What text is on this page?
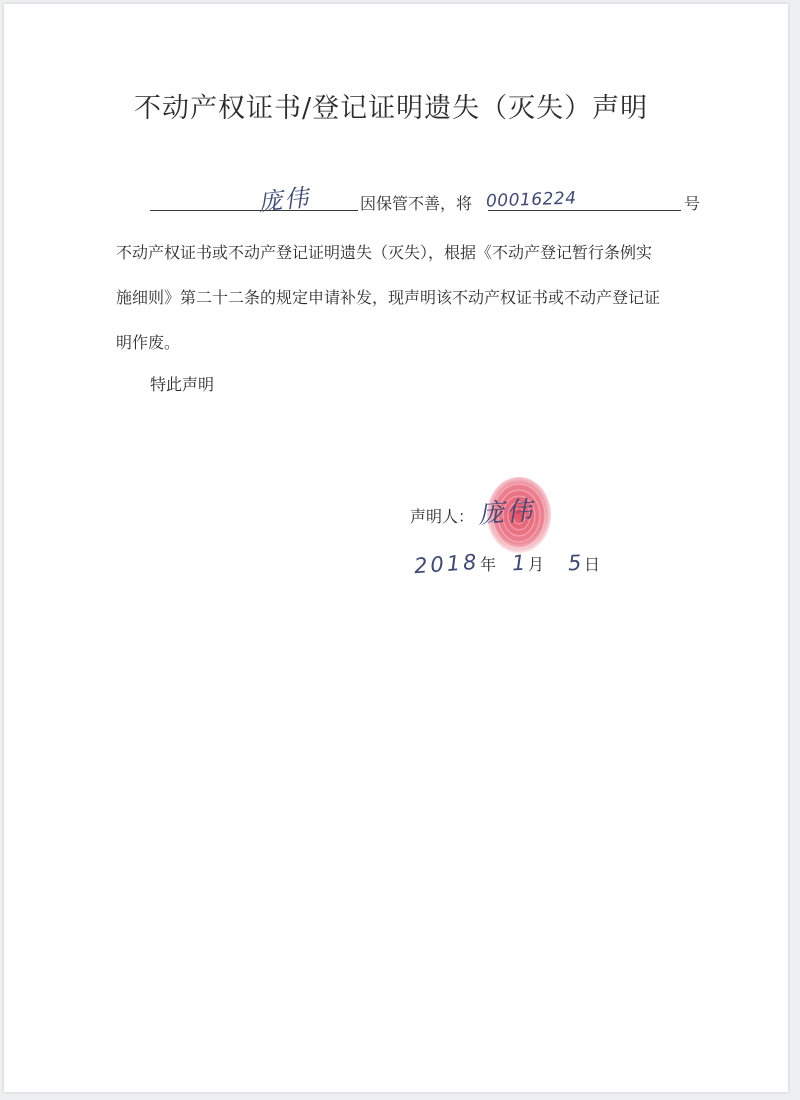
不动产权证书/登记证明遗失（灭失）声明
庞伟	因保管不善，将 00016224	号

不动产权证书或不动产登记证明遗失（灭失），根据《不动产登记暂行条例实
施细则》第二十二条的规定申请补发，现声明该不动产权证书或不动产登记证
明作废。

特此声明
声明人： 庞伟
2018 年 1 月 5 日
